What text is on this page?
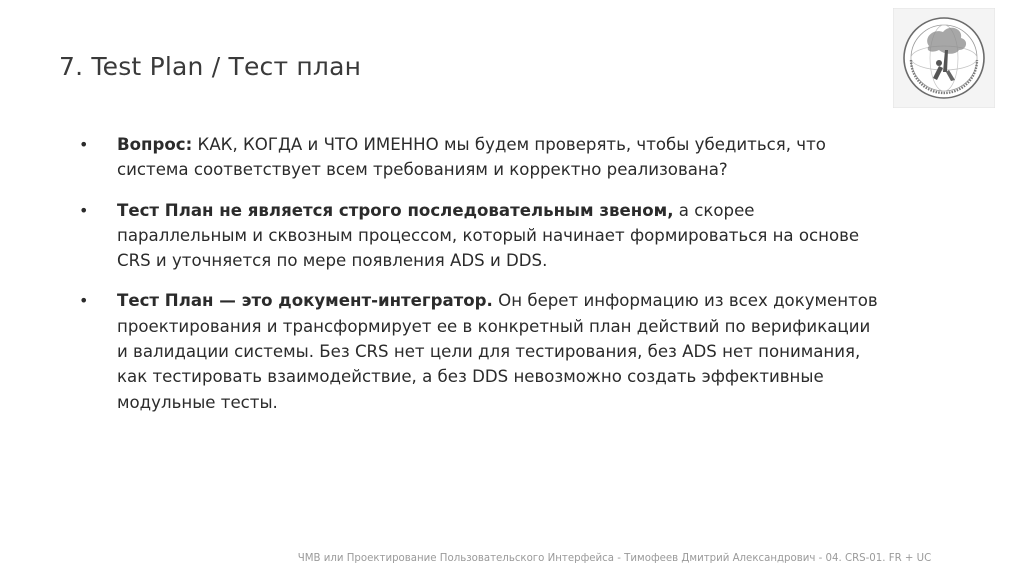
7. Test Plan / Тест план
• Вопрос: КАК, КОГДА и ЧТО ИМЕННО мы будем проверять, чтобы убедиться, что система соответствует всем требованиям и корректно реализована?
• Тест План не является строго последовательным звеном, а скорее параллельным и сквозным процессом, который начинает формироваться на основе CRS и уточняется по мере появления ADS и DDS.
• Тест План — это документ-интегратор. Он берет информацию из всех документов проектирования и трансформирует ее в конкретный план действий по верификации и валидации системы. Без CRS нет цели для тестирования, без ADS нет понимания, как тестировать взаимодействие, а без DDS невозможно создать эффективные модульные тесты.
ЧМВ или Проектирование Пользовательского Интерфейса - Тимофеев Дмитрий Александрович - 04. CRS-01. FR + UC
